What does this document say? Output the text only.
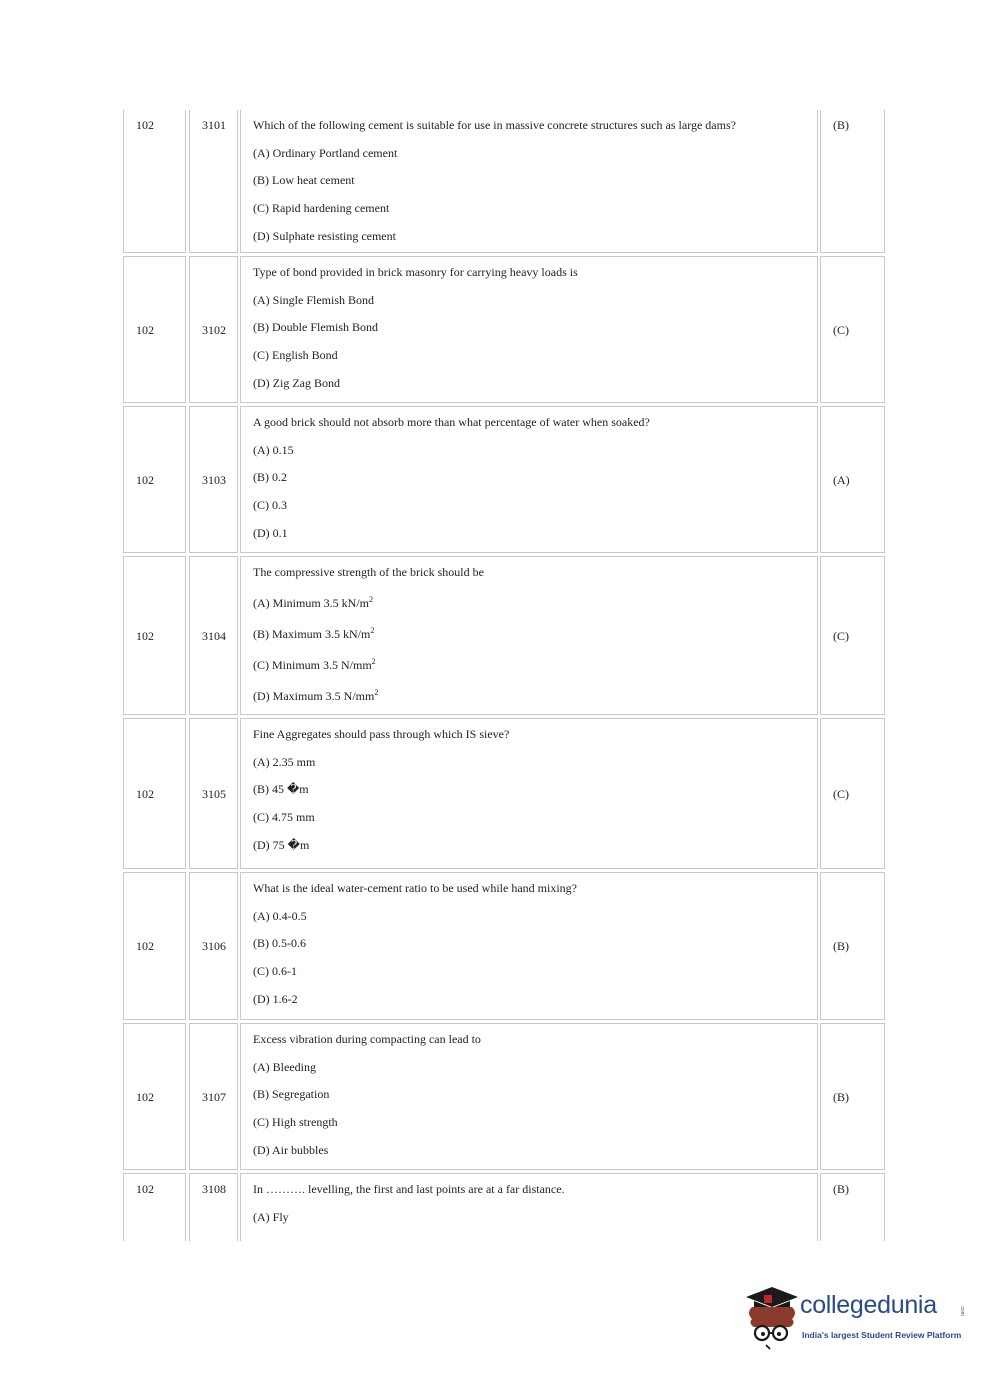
102	3101 Which of the following cement is suitable for use in massive concrete structures such as large dams?
(A) Ordinary Portland cement
(B) Low heat cement
(C) Rapid hardening cement
(D) Sulphate resisting cement
(B)
102	3102
Type of bond provided in brick masonry for carrying heavy loads is
(A) Single Flemish Bond
(B) Double Flemish Bond
(C) English Bond
(D) Zig Zag Bond
(C)
102	3103
A good brick should not absorb more than what percentage of water when soaked?
(A) 0.15
(B) 0.2
(C) 0.3
(D) 0.1
(A)
102	3104
The compressive strength of the brick should be
(A) Minimum 3.5 $kN/m^2$
(B) Maximum 3.5 $kN/m^2$
(C) Minimum 3.5 $N/mm^2$
(D) Maximum 3.5 $N/mm^2$
(C)
102	3105
Fine Aggregates should pass through which IS sieve?
(A) 2.35 mm
(B) 45 �m
(C) 4.75 mm
(D) 75 �m
(C)
102	3106
What is the ideal water-cement ratio to be used while hand mixing?
(A) 0.4-0.5
(B) 0.5-0.6
(C) 0.6-1
(D) 1.6-2
(B)
102	3107
Excess vibration during compacting can lead to
(A) Bleeding
(B) Segregation
(C) High strength
(D) Air bubbles
(B)
102	3108 In ………. levelling, the first and last points are at a far distance.
(A) Fly
(B)
collegedunia	.com
India's largest Student Review Platform
